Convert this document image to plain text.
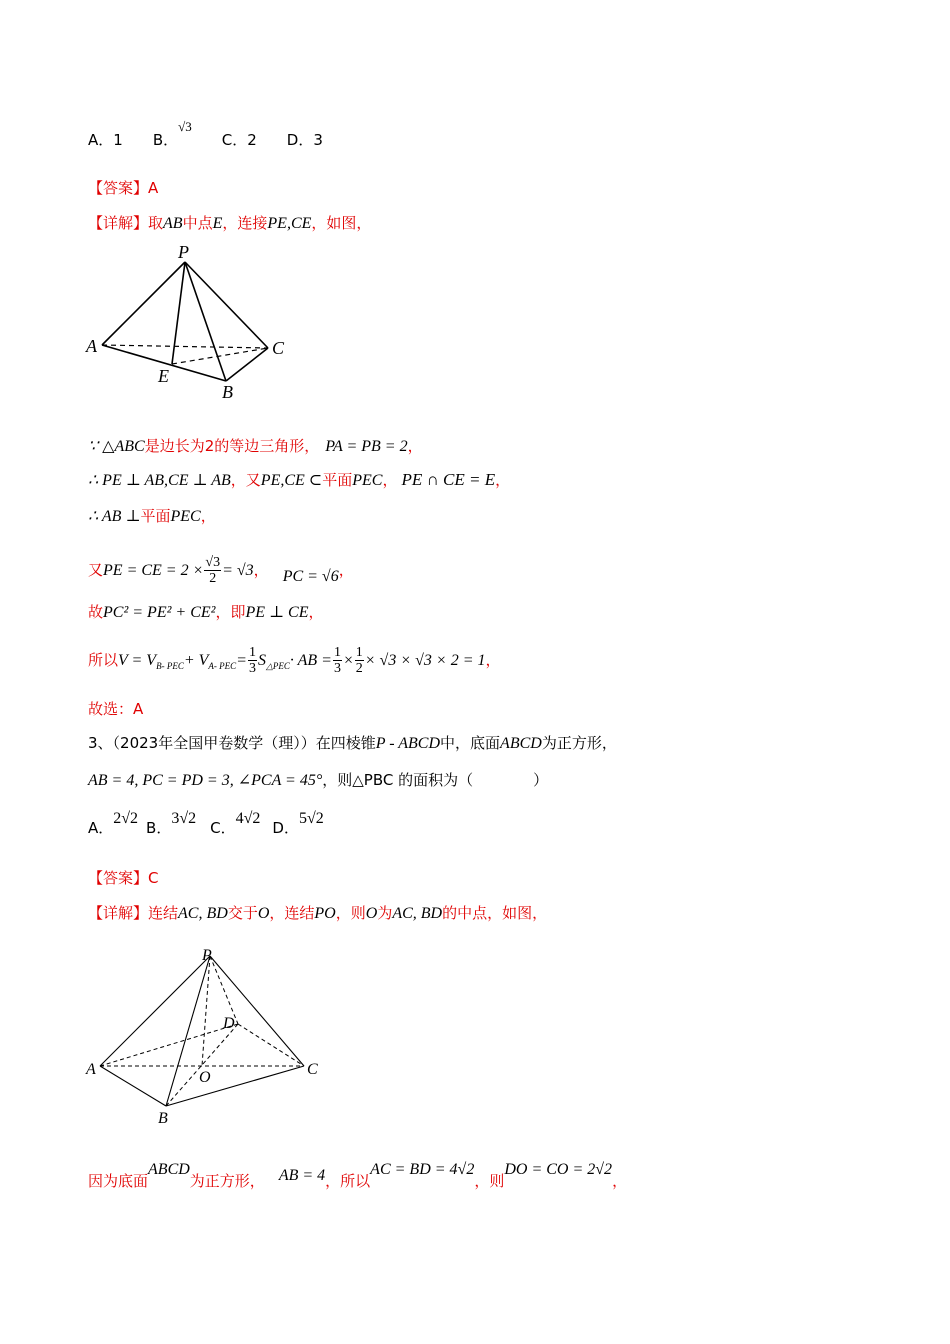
A．1 B．√3C．2 D．3
【答案】A
【详解】取AB中点E，连接PE,CE，如图，
P
A	C
E
B
∵ △ABC是边长为2的等边三角形， PA = PB = 2，
∴ PE ⊥ AB,CE ⊥ AB，又PE,CE ⊂平面PEC， PE ∩ CE = E，
∴ AB ⊥平面PEC，
又PE = CE = $2 \times \frac{√3}{2} = √3$， PC = √6，
故PC² = PE² + CE²，即PE ⊥ CE，
所以$V = V_{B- PEC}+ V_{A- PEC}= \frac{1}{3} S_{\triangle PEC}\cdot$ AB = $\frac{1}{3} \times \frac{1}{2} \times √3 \times √3 \times 2 = 1$，
故选：A
3、（2023年全国甲卷数学（理））在四棱锥P - ABCD中，底面ABCD为正方形，
AB = 4, PC = PD = 3, ∠PCA = 45°，则△PBC 的面积为（　　　　）
A．2√2B．3√2C．4√2D．5√2
【答案】C
【详解】连结AC, BD交于O，连结PO，则O为AC, BD的中点，如图，
P
D
A	C
O
B
因为底面ABCD为正方形， AB = 4，所以AC = BD = 4√2，则DO = CO = 2√2，
